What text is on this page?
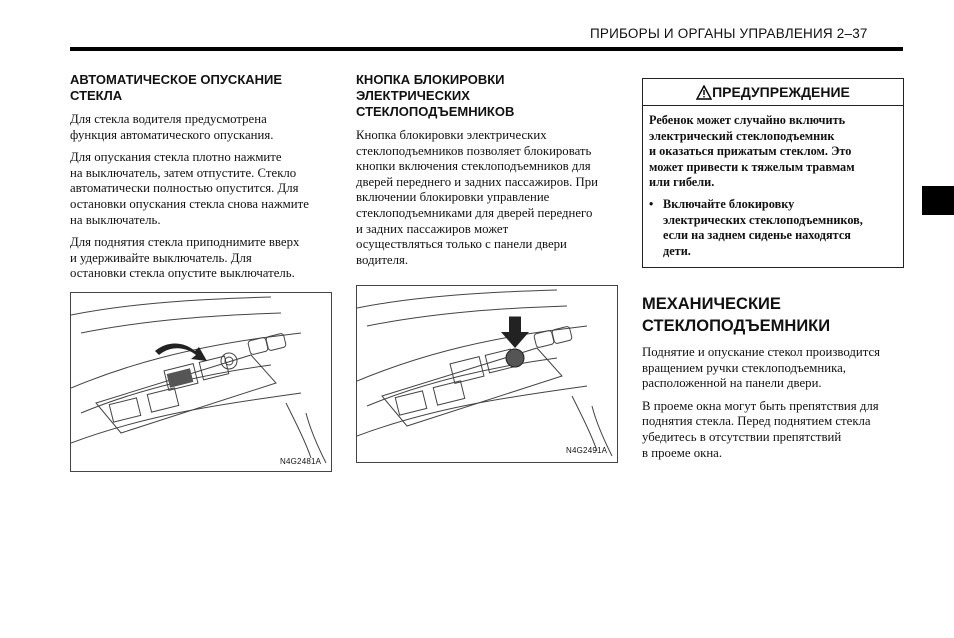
ПРИБОРЫ И ОРГАНЫ УПРАВЛЕНИЯ 2–37
АВТОМАТИЧЕСКОЕ ОПУСКАНИЕ
СТЕКЛА
Для стекла водителя предусмотрена
функция автоматического опускания.
Для опускания стекла плотно нажмите
на выключатель, затем отпустите. Стекло
автоматически полностью опустится. Для
остановки опускания стекла снова нажмите
на выключатель.
Для поднятия стекла приподнимите вверх
и удерживайте выключатель. Для
остановки стекла опустите выключатель.
N4G2481A
КНОПКА БЛОКИРОВКИ
ЭЛЕКТРИЧЕСКИХ
СТЕКЛОПОДЪЕМНИКОВ
Кнопка блокировки электрических
стеклоподъемников позволяет блокировать
кнопки включения стеклоподъемников для
дверей переднего и задних пассажиров. При
включении блокировки управление
стеклоподъемниками для дверей переднего
и задних пассажиров может
осуществляться только с панели двери
водителя.
N4G2491A
ПРЕДУПРЕЖДЕНИЕ
Ребенок может случайно включить
электрический стеклоподъемник
и оказаться прижатым стеклом. Это
может привести к тяжелым травмам
или гибели.
• Включайте блокировку
электрических стеклоподъемников,
если на заднем сиденье находятся
дети.
МЕХАНИЧЕСКИЕ
СТЕКЛОПОДЪЕМНИКИ
Поднятие и опускание стекол производится
вращением ручки стеклоподъемника,
расположенной на панели двери.
В проеме окна могут быть препятствия для
поднятия стекла. Перед поднятием стекла
убедитесь в отсутствии препятствий
в проеме окна.
